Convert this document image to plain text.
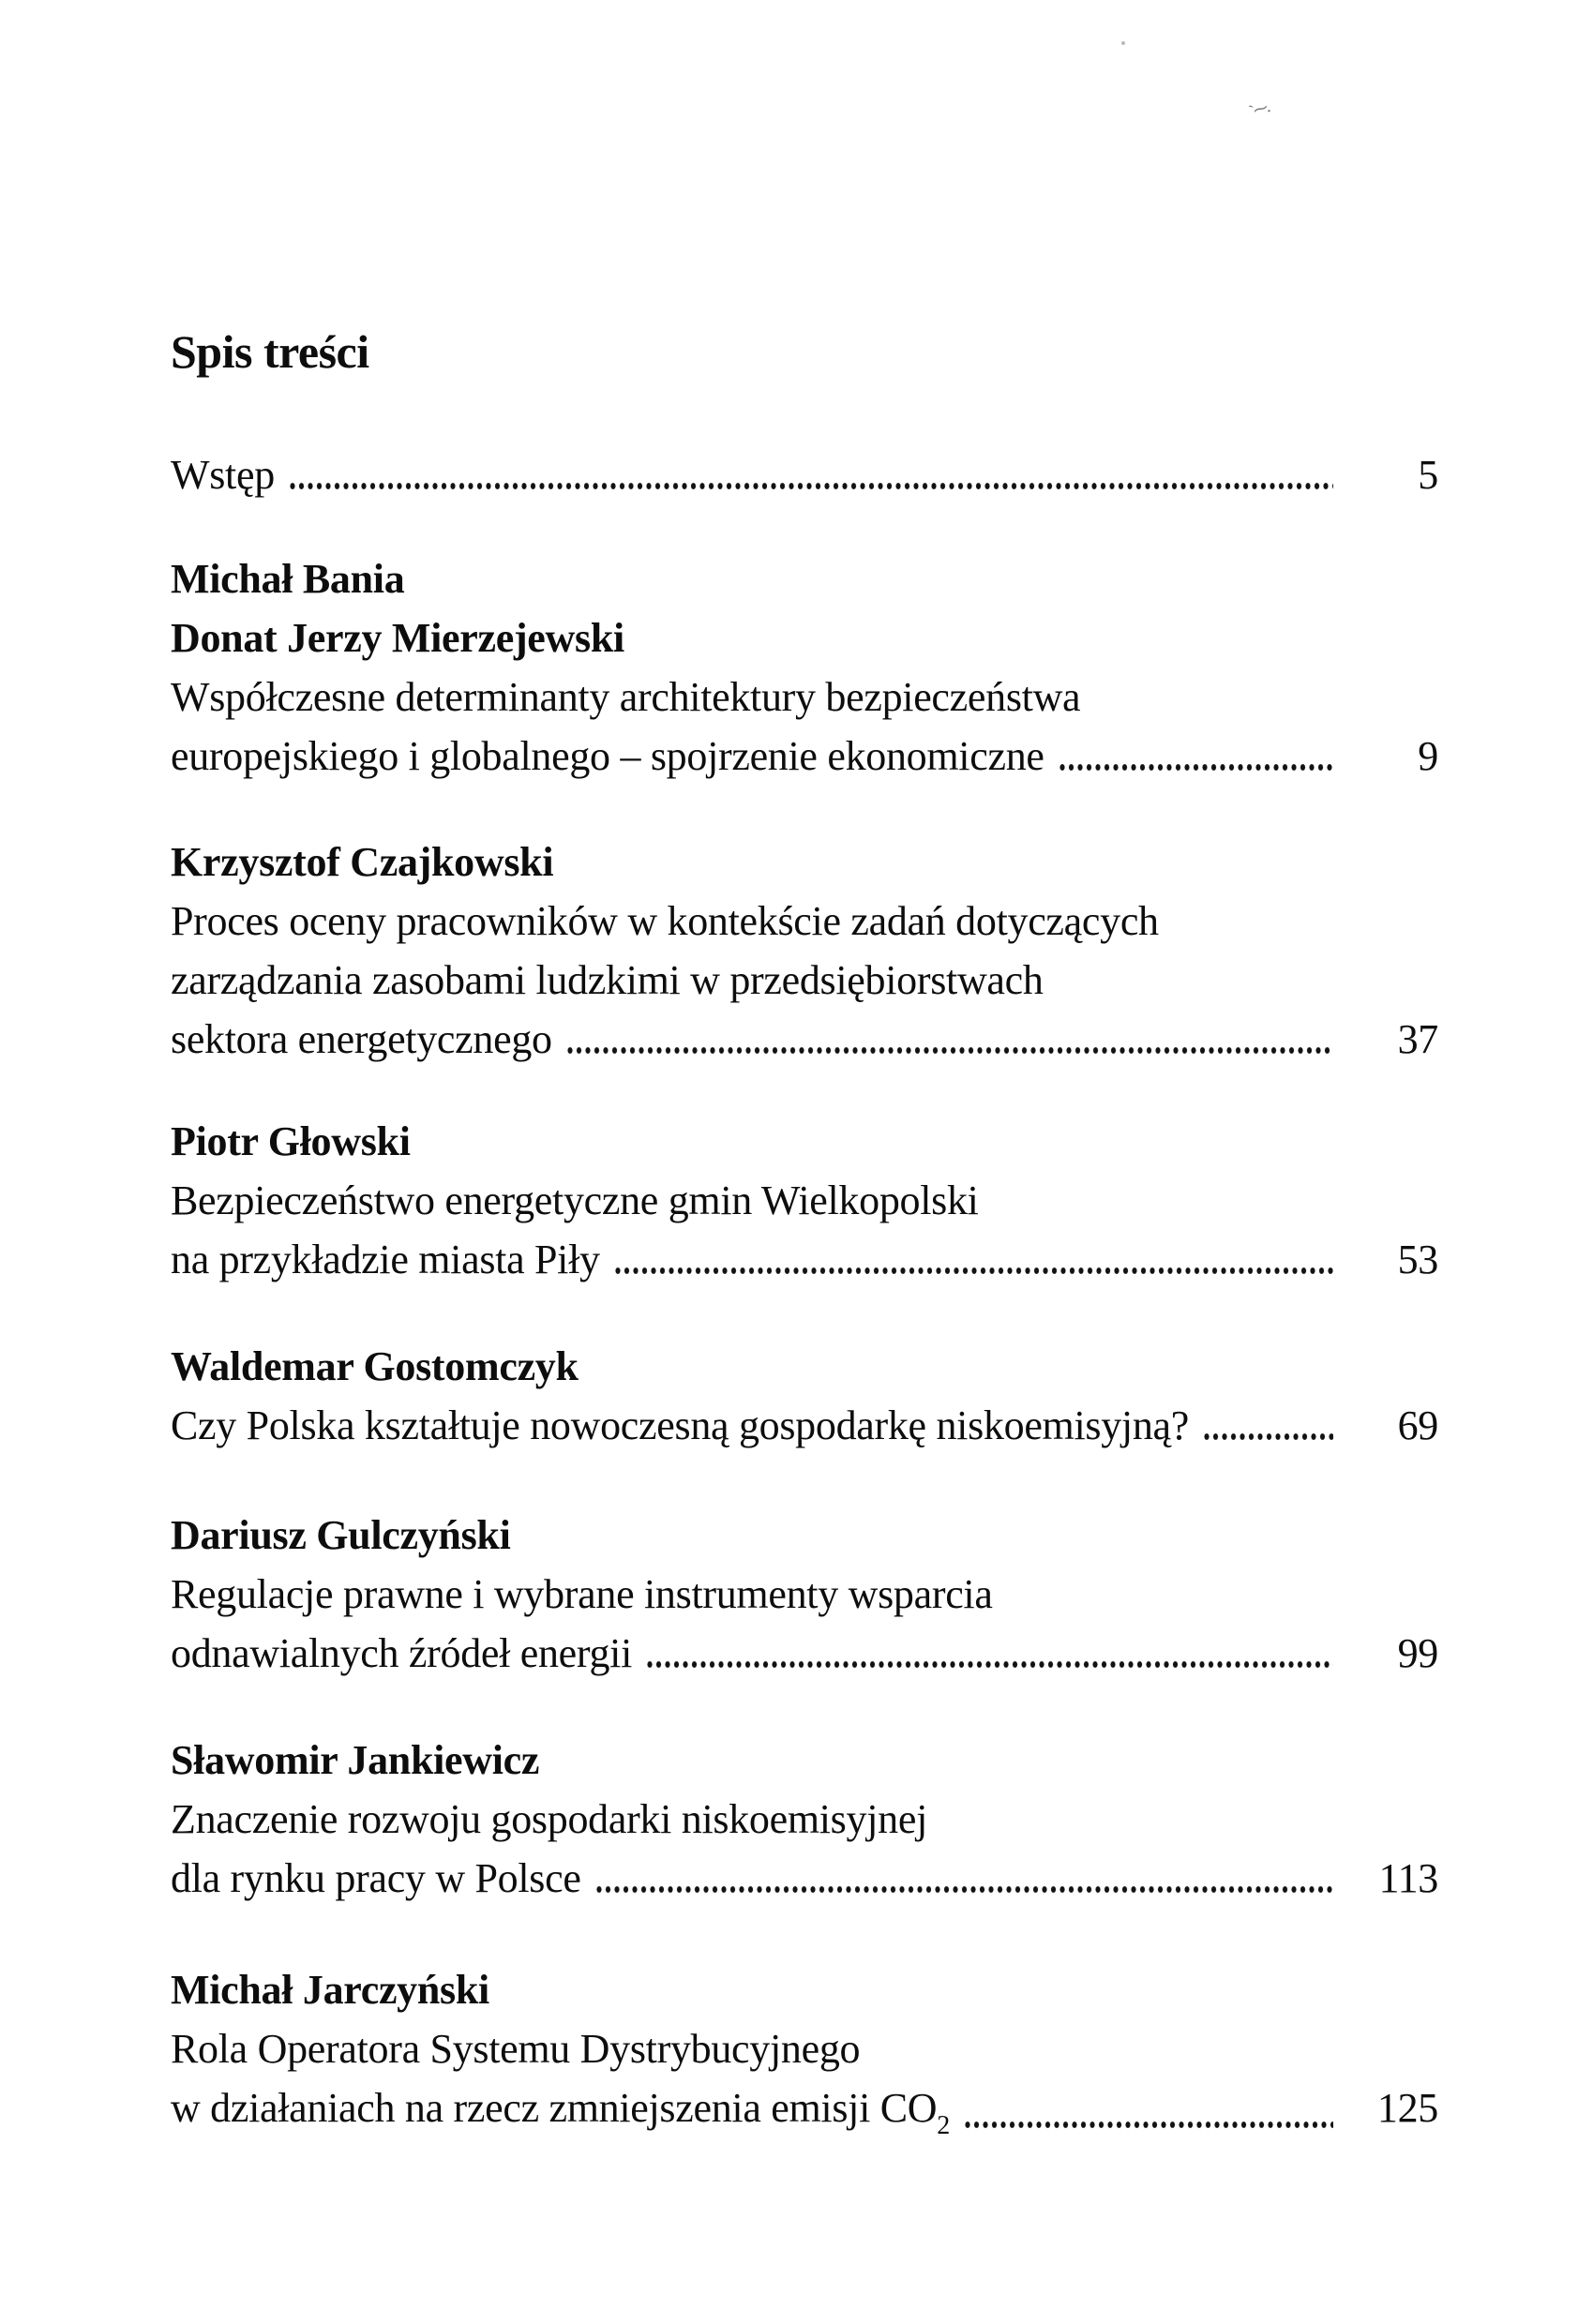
Spis treści
Wstęp	5
Michał Bania
Donat Jerzy Mierzejewski
Współczesne determinanty architektury bezpieczeństwa
europejskiego i globalnego – spojrzenie ekonomiczne	9
Krzysztof Czajkowski
Proces oceny pracowników w kontekście zadań dotyczących
zarządzania zasobami ludzkimi w przedsiębiorstwach
sektora energetycznego	37
Piotr Głowski
Bezpieczeństwo energetyczne gmin Wielkopolski
na przykładzie miasta Piły	53
Waldemar Gostomczyk
Czy Polska kształtuje nowoczesną gospodarkę niskoemisyjną?	69
Dariusz Gulczyński
Regulacje prawne i wybrane instrumenty wsparcia
odnawialnych źródeł energii	99
Sławomir Jankiewicz
Znaczenie rozwoju gospodarki niskoemisyjnej
dla rynku pracy w Polsce	113
Michał Jarczyński
Rola Operatora Systemu Dystrybucyjnego
w działaniach na rzecz zmniejszenia emisji $CO_2$	125
`∼.
